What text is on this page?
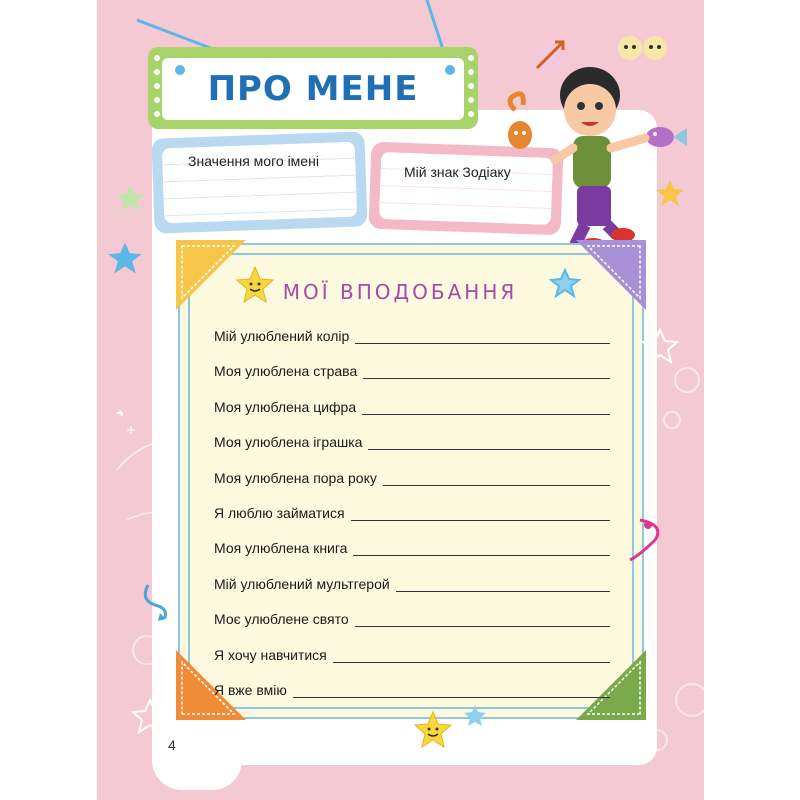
ПРО МЕНЕ
Значення мого імені
Мій знак Зодіаку
МОЇ ВПОДОБАННЯ
Мій улюблений колір
Моя улюблена страва
Моя улюблена цифра
Моя улюблена іграшка
Моя улюблена пора року
Я люблю займатися
Моя улюблена книга
Мій улюблений мультгерой
Моє улюблене свято
Я хочу навчитися
Я вже вмію
4
